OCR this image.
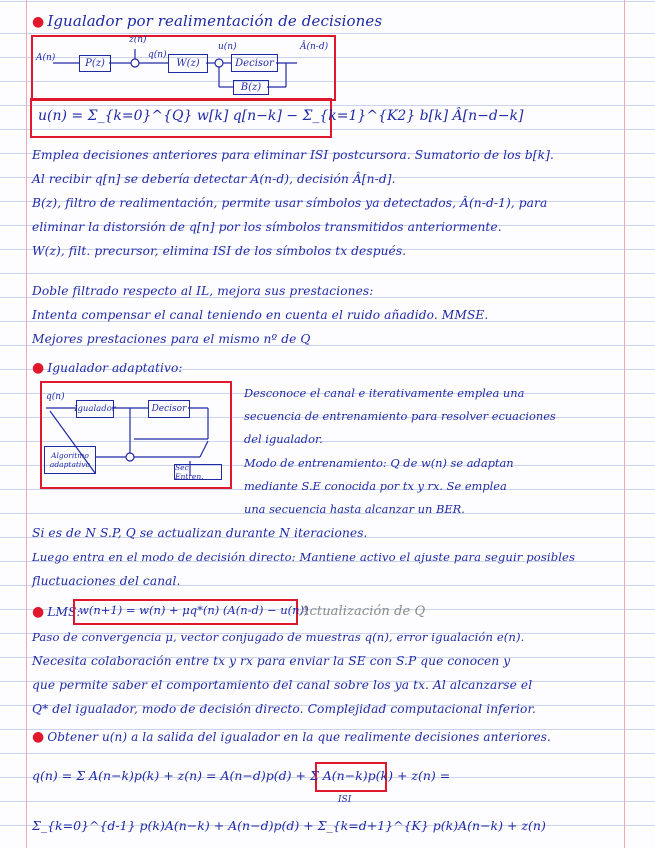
● Igualador por realimentación de decisiones
A(n)
z(n)
q(n)
u(n)	Â(n-d)
P(z)	W(z)	Decisor
B(z)
u(n) = Σ_{k=0}^{Q} w[k] q[n−k] − Σ_{k=1}^{K2} b[k] Â[n−d−k]
Emplea decisiones anteriores para eliminar ISI postcursora. Sumatorio de los b[k].
Al recibir q[n] se debería detectar A(n-d), decisión Â[n-d].
B(z), filtro de realimentación, permite usar símbolos ya detectados, Â(n-d-1), para
eliminar la distorsión de q[n] por los símbolos transmitidos anteriormente.
W(z), filt. precursor, elimina ISI de los símbolos tx después.
Doble filtrado respecto al IL, mejora sus prestaciones:
Intenta compensar el canal teniendo en cuenta el ruido añadido. MMSE.
Mejores prestaciones para el mismo nº de Q
● Igualador adaptativo:
q(n)
Igualador	Decisor
Algoritmo adaptativo	Sec. Entren.
Desconoce el canal e iterativamente emplea una
secuencia de entrenamiento para resolver ecuaciones
del igualador.
Modo de entrenamiento: Q de w(n) se adaptan
mediante S.E conocida por tx y rx. Se emplea
una secuencia hasta alcanzar un BER.
Si es de N S.P, Q se actualizan durante N iteraciones.
Luego entra en el modo de decisión directo: Mantiene activo el ajuste para seguir posibles
fluctuaciones del canal.
● LMS:
w(n+1) = w(n) + μq*(n) (A(n-d) − u(n))
Actualización de Q
Paso de convergencia μ, vector conjugado de muestras q(n), error igualación e(n).
Necesita colaboración entre tx y rx para enviar la SE con S.P que conocen y
que permite saber el comportamiento del canal sobre los ya tx. Al alcanzarse el
Q* del igualador, modo de decisión directo. Complejidad computacional inferior.
● Obtener u(n) a la salida del igualador en la que realimente decisiones anteriores.
q(n) = Σ A(n−k)p(k) + z(n) = A(n−d)p(d) + Σ A(n−k)p(k) + z(n) =
ISI
Σ_{k=0}^{d-1} p(k)A(n−k) + A(n−d)p(d) + Σ_{k=d+1}^{K} p(k)A(n−k) + z(n)
